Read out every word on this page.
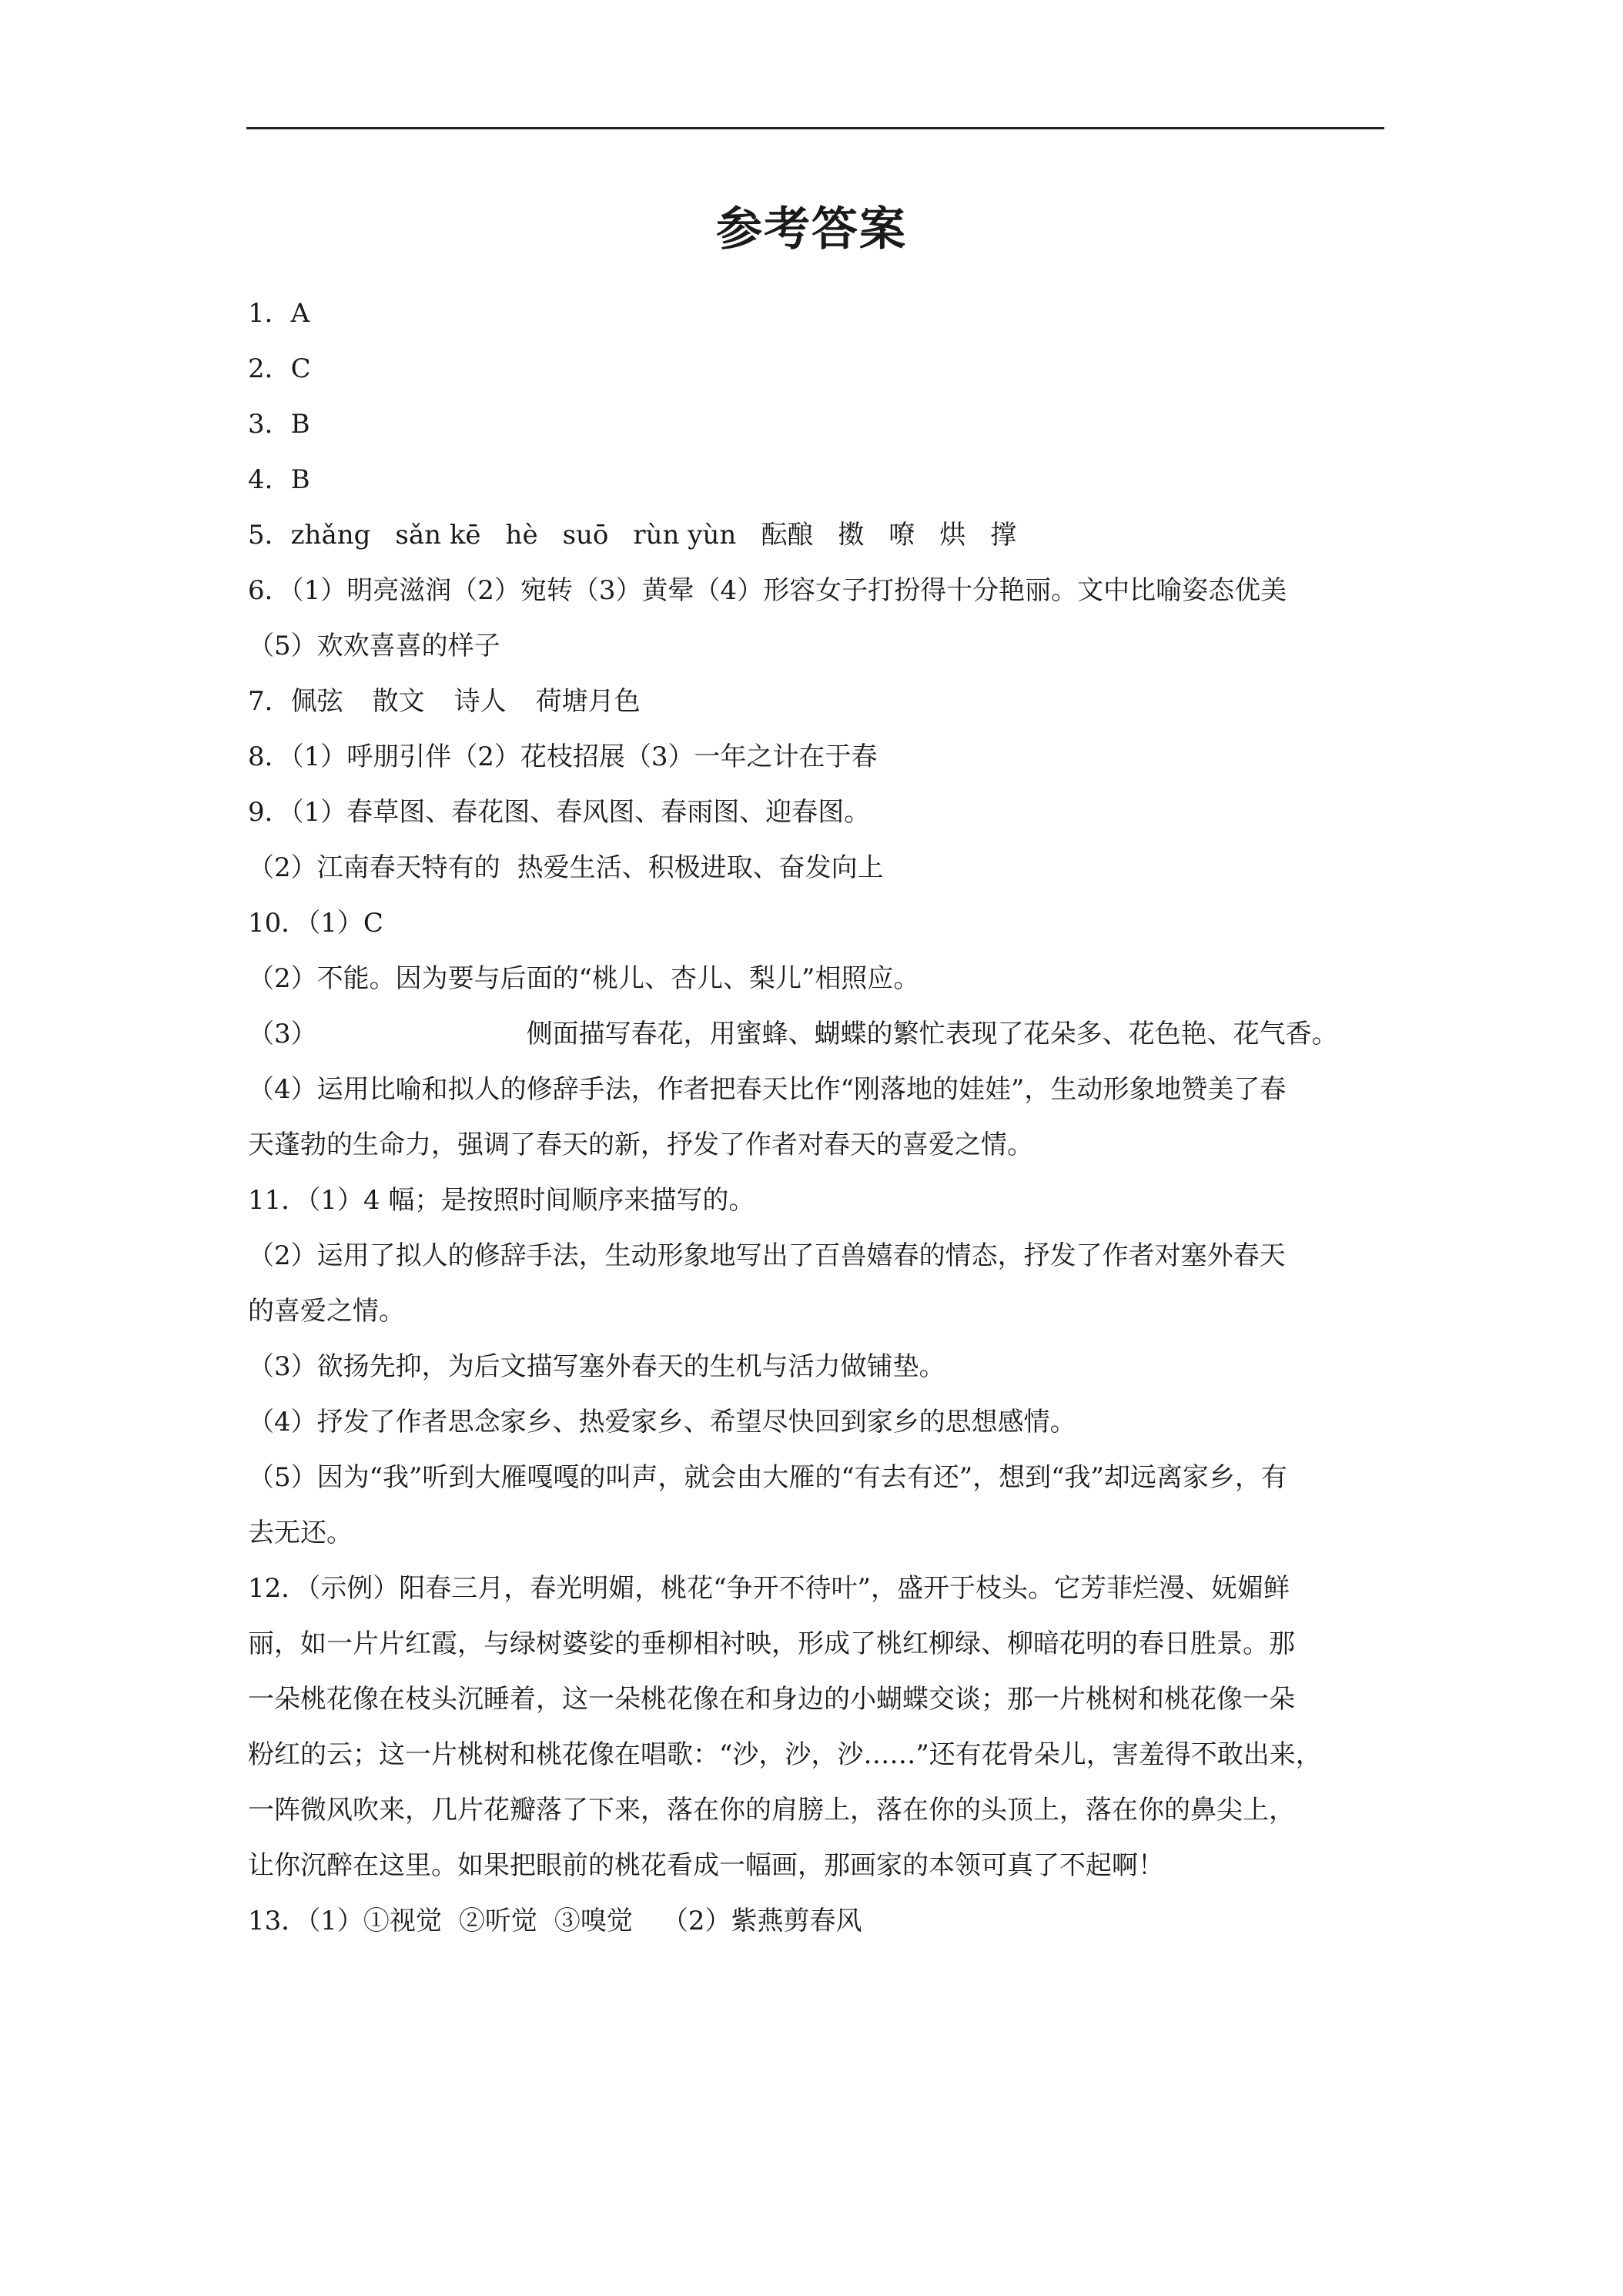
参考答案
1．A
2．C
3．B
4．B
5．zhǎng sǎn kē hè suō rùn yùn 酝酿 擞 嘹 烘 撑
6．（1）明亮滋润（2）宛转（3）黄晕（4）形容女子打扮得十分艳丽。文中比喻姿态优美
（5）欢欢喜喜的样子
7．佩弦 散文 诗人 荷塘月色
8．（1）呼朋引伴（2）花枝招展（3）一年之计在于春
9．（1）春草图、春花图、春风图、春雨图、迎春图。
（2）江南春天特有的 热爱生活、积极进取、奋发向上
10．（1）C
（2）不能。因为要与后面的“桃儿、杏儿、梨儿”相照应。
（3）	侧面描写春花，用蜜蜂、蝴蝶的繁忙表现了花朵多、花色艳、花气香。
（4）运用比喻和拟人的修辞手法，作者把春天比作“刚落地的娃娃”，生动形象地赞美了春
天蓬勃的生命力，强调了春天的新，抒发了作者对春天的喜爱之情。
11．（1）4 幅；是按照时间顺序来描写的。
（2）运用了拟人的修辞手法，生动形象地写出了百兽嬉春的情态，抒发了作者对塞外春天
的喜爱之情。
（3）欲扬先抑，为后文描写塞外春天的生机与活力做铺垫。
（4）抒发了作者思念家乡、热爱家乡、希望尽快回到家乡的思想感情。
（5）因为“我”听到大雁嘎嘎的叫声，就会由大雁的“有去有还”，想到“我”却远离家乡，有
去无还。
12．（示例）阳春三月，春光明媚，桃花“争开不待叶”，盛开于枝头。它芳菲烂漫、妩媚鲜
丽，如一片片红霞，与绿树婆娑的垂柳相衬映，形成了桃红柳绿、柳暗花明的春日胜景。那
一朵桃花像在枝头沉睡着，这一朵桃花像在和身边的小蝴蝶交谈；那一片桃树和桃花像一朵
粉红的云；这一片桃树和桃花像在唱歌：“沙，沙，沙……”还有花骨朵儿，害羞得不敢出来，
一阵微风吹来，几片花瓣落了下来，落在你的肩膀上，落在你的头顶上，落在你的鼻尖上，
让你沉醉在这里。如果把眼前的桃花看成一幅画，那画家的本领可真了不起啊！
13．（1）①视觉 ②听觉 ③嗅觉 （2）紫燕剪春风
